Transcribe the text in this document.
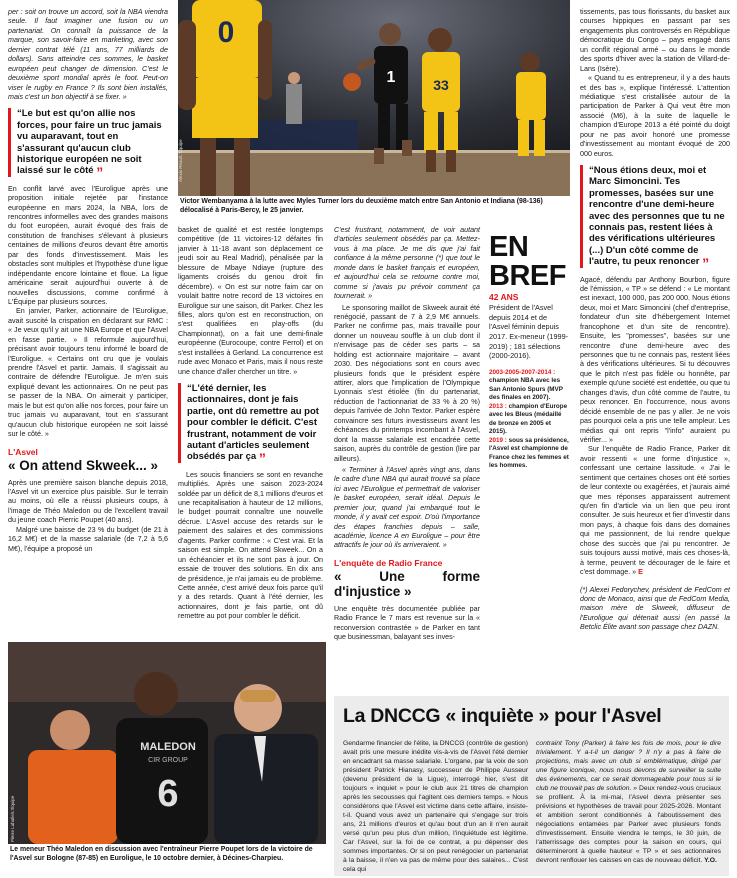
0
1	33
Alexis Réau/L'Équipe
Victor Wembanyama à la lutte avec Myles Turner lors du deuxième match entre San Antonio et Indiana (98-136) délocalisé à Paris-Bercy, le 25 janvier.

per : soit on trouve un accord, soit la NBA viendra seule. Il faut imaginer une fusion ou un partenariat. On connaît la puissance de la marque, son savoir-faire en marketing, avec son dernier contrat télé (11 ans, 77 milliards de dollars). Sans atteindre ces sommes, le basket européen peut changer de dimension. C'est le deuxième sport mondial après le foot. Peut-on viser le rugby en France ? Ils sont bien installés, mais c'est un bon objectif à se fixer. »

“Le but est qu'on allie nos forces, pour faire un truc jamais vu auparavant, tout en s'assurant qu'aucun club historique européen ne soit laissé sur le côté ”

En conflit larvé avec l'Euroligue après une proposition initiale rejetée par l'instance européenne en mars 2024, la NBA, lors de rencontres informelles avec des grandes maisons du foot européen, aurait évoqué des frais de constitution de franchises s'élevant à plusieurs centaines de millions d'euros devant être amortis par des fonds d'investissement. Mais les obstacles sont multiples et l'hypothèse d'une ligue indépendante encore lointaine et floue. La ligue américaine serait aujourd'hui ouverte à de nouvelles discussions, comme confirmé à L'Équipe par plusieurs sources.

En janvier, Parker, actionnaire de l'Euroligue, avait suscité la crispation en déclarant sur RMC : « Je veux qu'il y ait une NBA Europe et que l'Asvel en fasse partie. » Il reformule aujourd'hui, précisant avoir toujours tenu informé le board de l'Euroligue. « Certains ont cru que je voulais prendre l'Asvel et partir. Jamais. Il s'agissait au contraire de défendre l'Euroligue. Je m'en suis expliqué devant les actionnaires. On ne peut pas se passer de la NBA. On aimerait y participer, mais le but est qu'on allie nos forces, pour faire un truc jamais vu auparavant, tout en s'assurant qu'aucun club historique européen ne soit laissé sur le côté. »

L'Asvel
« On attend Skweek... »

Après une première saison blanche depuis 2018, l'Asvel vit un exercice plus paisible. Sur le terrain au moins, où elle a réussi plusieurs coups, à l'image de Théo Maledon ou de l'excellent travail du jeune coach Pierric Poupet (40 ans).

Malgré une baisse de 23 % du budget (de 21 à 16,2 M€) et de la masse salariale (de 7,2 à 5,6 M€), l'équipe a proposé un

basket de qualité et est restée longtemps compétitive (de 11 victoires-12 défaites fin janvier à 11-18 avant son déplacement ce jeudi soir au Real Madrid), pénalisée par la blessure de Mbaye Ndiaye (rupture des ligaments croisés du genou droit fin décembre). « On est sur notre faim car on voulait battre notre record de 13 victoires en Euroligue sur une saison, dit Parker. Chez les filles, alors qu'on est en reconstruction, on s'est qualifiées en play-offs (du Championnat), on a fait une demi-finale européenne (Eurocoupe, contre Ferrol) et on s'est installées à Gerland. La concurrence est rude avec Monaco et Paris, mais il nous reste une chance d'aller chercher un titre. »

“L'été dernier, les actionnaires, dont je fais partie, ont dû remettre au pot pour combler le déficit. C'est frustrant, notamment de voir autant d'articles seulement obsédés par ça ”

Les soucis financiers se sont en revanche multipliés. Après une saison 2023-2024 soldée par un déficit de 8,1 millions d'euros et une recapitalisation à hauteur de 12 millions, le budget pourrait connaître une nouvelle décrue. L'Asvel accuse des retards sur le paiement des salaires et des commissions d'agents. Parker confirme : « C'est vrai. Et la saison est simple. On attend Skweek... On a un échéancier et ils ne sont pas à jour. On essaie de trouver des solutions. En dix ans de présidence, je n'ai jamais eu de problème. Cette année, c'est arrivé deux fois parce qu'il y a des retards. Quant à l'été dernier, les actionnaires, dont je fais partie, ont dû remettre au pot pour combler le déficit.

C'est frustrant, notamment, de voir autant d'articles seulement obsédés par ça. Mettez-vous à ma place. Je me dis que j'ai fait confiance à la même personne (*) que tout le monde dans le basket français et européen, et aujourd'hui cela se retourne contre moi, comme si j'avais pu prévoir comment ça tournerait. »

Le sponsoring maillot de Skweek aurait été renégocié, passant de 7 à 2,9 M€ annuels. Parker ne confirme pas, mais travaille pour donner un nouveau souffle à un club dont il n'envisage pas de céder ses parts – sa holding est actionnaire majoritaire – avant 2030. Des négociations sont en cours avec plusieurs fonds que le président espère attirer, alors que l'implication de l'Olympique Lyonnais s'est étiolée (fin du partenariat, réduction de l'actionnariat de 33 % à 20 %) depuis l'arrivée de John Textor. Parker espère convaincre ses futurs investisseurs avant les échéances du printemps incombant à l'Asvel, dont la masse salariale est encadrée cette saison, auprès du contrôle de gestion (lire par ailleurs).

« Terminer à l'Asvel après vingt ans, dans le cadre d'une NBA qui aurait trouvé sa place ici avec l'Euroligue et permettrait de valoriser le basket européen, serait idéal. Depuis le premier jour, quand j'ai embarqué tout le monde, il y avait cet espoir. D'où l'importance des étapes franchies depuis – salle, académie, licence A en Euroligue – pour être attractifs le jour où ils arriveraient. »

L'enquête de Radio France
« Une forme d'injustice »

Une enquête très documentée publiée par Radio France le 7 mars est revenue sur la « reconversion contrastée » de Parker en tant que businessman, balayant ses inves-

EN BREF
42 ANS
Président de l'Asvel depuis 2014 et de l'Asvel féminin depuis 2017. Ex-meneur (1999-2019) ; 181 sélections (2000-2016).
2003-2005-2007-2014 : champion NBA avec les San Antonio Spurs (MVP des finales en 2007).
2013 : champion d'Europe avec les Bleus (médaillé de bronze en 2005 et 2015).
2019 : sous sa présidence, l'Asvel est championne de France chez les femmes et les hommes.

tissements, pas tous florissants, du basket aux courses hippiques en passant par ses engagements plus controversés en République démocratique du Congo – pays engagé dans un conflit régional armé – ou dans le monde des sports d'hiver avec la station de Villard-de-Lans (Isère).

« Quand tu es entrepreneur, il y a des hauts et des bas », explique l'intéressé. L'attention médiatique s'est cristallisée autour de la participation de Parker à Qui veut être mon associé (M6), à la suite de laquelle le champion d'Europe 2013 a été pointé du doigt pour ne pas avoir honoré une promesse d'investissement au montant évoqué de 200 000 euros.

“Nous étions deux, moi et Marc Simoncini. Tes promesses, basées sur une rencontre d'une demi-heure avec des personnes que tu ne connais pas, restent liées à des vérifications ultérieures (...) D'un côté comme de l'autre, tu peux renoncer ”

Agacé, défendu par Anthony Bourbon, figure de l'émission, « TP » se défend : « Le montant est inexact, 100 000, pas 200 000. Nous étions deux, moi et Marc Simoncini (chef d'entreprise, fondateur d'un site d'hébergement Internet francophone et d'un site de rencontre). Ensuite, les "promesses", basées sur une rencontre d'une demi-heure avec des personnes que tu ne connais pas, restent liées à des vérifications ultérieures. Si tu découvres que le pitch n'est pas fidèle ou honnête, par exemple qu'une société est endettée, ou que tu changes d'avis, d'un côté comme de l'autre, tu peux renoncer. En l'occurrence, nous avons décidé ensemble de ne pas y aller. Je ne vois pas pourquoi cela a pris une telle ampleur. Les médias qui ont repris "l'info" auraient pu vérifier... »

Sur l'enquête de Radio France, Parker dit avoir ressenti « une forme d'injustice », confessant une certaine lassitude. « J'ai le sentiment que certaines choses ont été sorties de leur contexte ou exagérées, et j'aurais aimé que mes réponses apparaissent autrement qu'en fin d'article via un lien que peu iront consulter. Je suis heureux et fier d'investir dans mon pays, à chaque fois dans des domaines qui me passionnent, de lui rendre quelque chose des succès que j'ai pu rencontrer. Je suis toujours aussi motivé, mais ces choses-là, à terme, peuvent te décourager de le faire et c'est dommage. » E

(*) Alexei Fedorychev, président de FedCom et donc de Monaco, ainsi que de FedCom Media, maison mère de Skweek, diffuseur de l'Euroligue qui détenait aussi (en passé la Betclic Élite avant son passage chez DAZN.

MALEDON
CIR GROUP
6
Pierre Lahalle/L'Équipe
Le meneur Théo Maledon en discussion avec l'entraîneur Pierre Poupet lors de la victoire de l'Asvel sur Bologne (87-85) en Euroligue, le 10 octobre dernier, à Décines-Charpieu.
La DNCCG « inquiète » pour l'Asvel
Gendarme financier de l'élite, la DNCCG (contrôle de gestion) avait pris une mesure inédite vis-à-vis de l'Asvel l'été dernier en encadrant sa masse salariale. L'organe, par la voix de son président Patrick Hianasy, successeur de Philippe Ausseur (devenu président de la Ligue), interrogé hier, s'est dit toujours « inquiet » pour le club aux 21 titres de champion après les secousses qui l'agitent ces derniers temps. « Nous considérons que l'Asvel est victime dans cette affaire, insiste-t-il. Quand vous avez un partenaire qui s'engage sur trois ans, 21 millions d'euros et qu'au bout d'un an il n'en aurait versé qu'un peu plus d'un million, l'inquiétude est légitime. Car l'Asvel, sur la foi de ce contrat, a pu dépenser des sommes importantes. Or si on peut renégocier un partenariat à la baisse, il n'en va pas de même pour des salaires... C'est cela qui
contraint Tony (Parker) à faire les fois de mois, pour le dire trivialement. Y a-t-il un danger ? Il n'y a pas à faire de projections, mais avec un club si emblématique, dirigé par une figure iconique, nous nous devons de surveiller la suite des événements, car ce serait dommageable pour tous si le club ne trouvait pas de solution. » Deux rendez-vous cruciaux se profilent. À la mi-mai, l'Asvel devra présenter ses prévisions et hypothèses de travail pour 2025-2026. Montant et ambition seront conditionnés à l'aboutissement des négociations entamées par Parker avec plusieurs fonds d'investissement. Ensuite viendra le temps, le 30 juin, de l'atterrissage des comptes pour la saison en cours, qui détermineront à quelle hauteur « TP » et ses actionnaires devront renflouer les caisses en cas de nouveau déficit. Y.O.
